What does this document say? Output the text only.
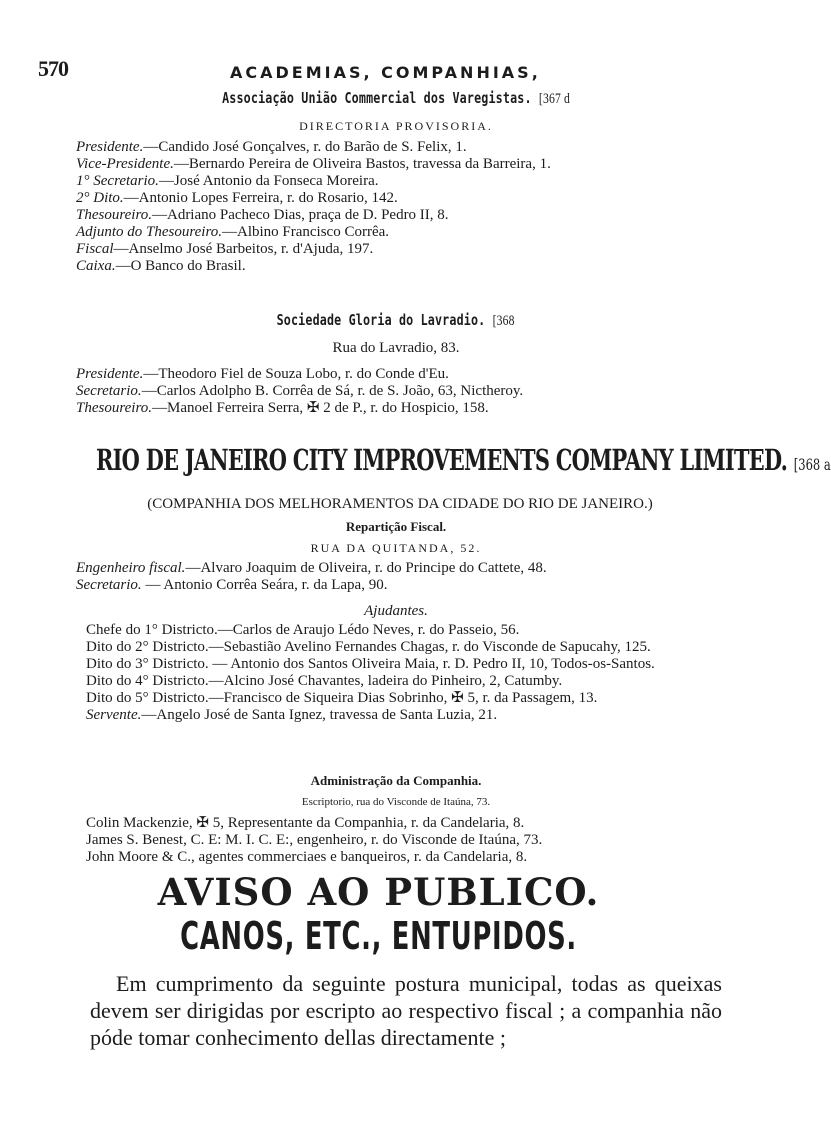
570	ACADEMIAS, COMPANHIAS,
Associação União Commercial dos Varegistas. [367 d
DIRECTORIA PROVISORIA.
Presidente.—Candido José Gonçalves, r. do Barão de S. Felix, 1.
Vice-Presidente.—Bernardo Pereira de Oliveira Bastos, travessa da Barreira, 1.
1° Secretario.—José Antonio da Fonseca Moreira.
2° Dito.—Antonio Lopes Ferreira, r. do Rosario, 142.
Thesoureiro.—Adriano Pacheco Dias, praça de D. Pedro II, 8.
Adjunto do Thesoureiro.—Albino Francisco Corrêa.
Fiscal—Anselmo José Barbeitos, r. d'Ajuda, 197.
Caixa.—O Banco do Brasil.
Sociedade Gloria do Lavradio. [368
Rua do Lavradio, 83.
Presidente.—Theodoro Fiel de Souza Lobo, r. do Conde d'Eu.
Secretario.—Carlos Adolpho B. Corrêa de Sá, r. de S. João, 63, Nictheroy.
Thesoureiro.—Manoel Ferreira Serra, ✠ 2 de P., r. do Hospicio, 158.
RIO DE JANEIRO CITY IMPROVEMENTS COMPANY LIMITED. [368 a
(COMPANHIA DOS MELHORAMENTOS DA CIDADE DO RIO DE JANEIRO.)
Repartição Fiscal.
RUA DA QUITANDA, 52.
Engenheiro fiscal.—Alvaro Joaquim de Oliveira, r. do Principe do Cattete, 48.
Secretario. — Antonio Corrêa Seára, r. da Lapa, 90.
Ajudantes.
Chefe do 1° Districto.—Carlos de Araujo Lédo Neves, r. do Passeio, 56.
Dito do 2° Districto.—Sebastião Avelino Fernandes Chagas, r. do Visconde de Sapucahy, 125.
Dito do 3° Districto. — Antonio dos Santos Oliveira Maia, r. D. Pedro II, 10, Todos-os-Santos.
Dito do 4° Districto.—Alcino José Chavantes, ladeira do Pinheiro, 2, Catumby.
Dito do 5° Districto.—Francisco de Siqueira Dias Sobrinho, ✠ 5, r. da Passagem, 13.
Servente.—Angelo José de Santa Ignez, travessa de Santa Luzia, 21.
Administração da Companhia.
Escriptorio, rua do Visconde de Itaúna, 73.
Colin Mackenzie, ✠ 5, Representante da Companhia, r. da Candelaria, 8.
James S. Benest, C. E: M. I. C. E:, engenheiro, r. do Visconde de Itaúna, 73.
John Moore & C., agentes commerciaes e banqueiros, r. da Candelaria, 8.
AVISO AO PUBLICO.
CANOS, ETC., ENTUPIDOS.

Em cumprimento da seguinte postura municipal, todas as queixas devem ser dirigidas por escripto ao respectivo fiscal ; a companhia não póde tomar conhecimento dellas directamente ;
